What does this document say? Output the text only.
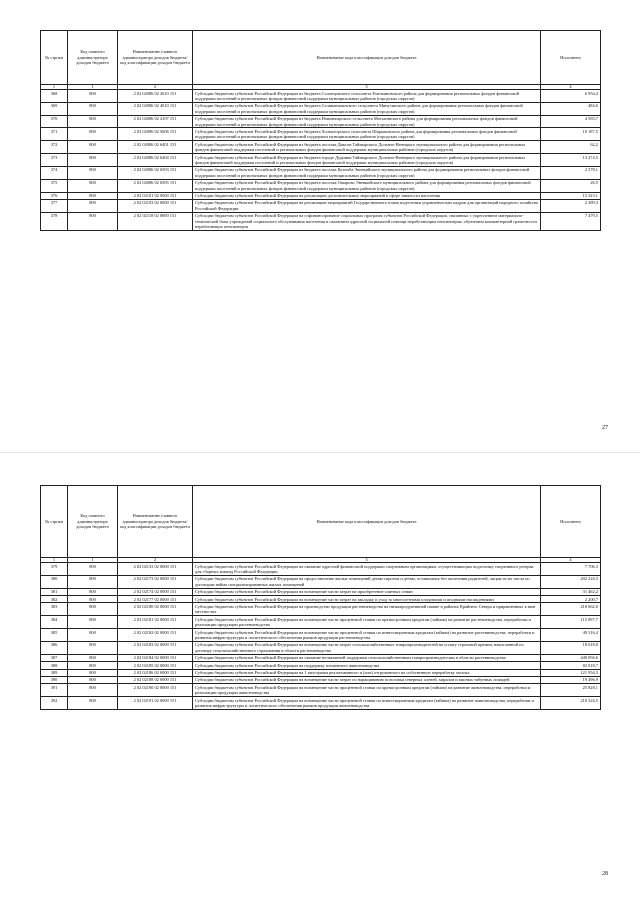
№ строки	Код главного администратора доходов бюджета	Наименование главного администратора доходов бюджета/ код классификации доходов бюджета	Наименование кода классификации доходов бюджета	Исполнено
1	1	2	3	4
368	800	2 02 02086 02 2610 151	Субсидии бюджетам субъектов Российской Федерации из бюджета Солонцовского сельсовета Емельяновского района для формирования региональных фондов финансовой поддержки поселений и региональных фондов финансовой поддержки муниципальных районов (городских округов)	6 954,4
369	800	2 02 02086 02 4010 151	Субсидии бюджетам субъектов Российской Федерации из бюджета Селиванихинского сельсовета Минусинского района для формирования региональных фондов финансовой поддержки поселений и региональных фондов финансовой поддержки муниципальных районов (городских округов)	484,6
370	800	2 02 02086 02 4107 151	Субсидии бюджетам субъектов Российской Федерации из бюджета Новоангарского сельсовета Мотыгинского района для формирования региональных фондов финансовой поддержки поселений и региональных фондов финансовой поддержки муниципальных районов (городских округов)	4 583,7
371	800	2 02 02086 02 5606 151	Субсидии бюджетам субъектов Российской Федерации из бюджета Холмогорского сельсовета Шарыповского района для формирования региональных фондов финансовой поддержки поселений и региональных фондов финансовой поддержки муниципальных районов (городских округов)	10 187,5
372	800	2 02 02086 02 6401 151	Субсидии бюджетам субъектов Российской Федерации из бюджета поселка Диксон Таймырского Долгано-Ненецкого муниципального района для формирования региональных фондов финансовой поддержки поселений и региональных фондов финансовой поддержки муниципальных районов (городских округов)	62,2
373	800	2 02 02086 02 6404 151	Субсидии бюджетам субъектов Российской Федерации из бюджета городе Дудинки Таймырского Долгано-Ненецкого муниципального района для формирования региональных фондов финансовой поддержки поселений и региональных фондов финансовой поддержки муниципальных районов (городских округов)	13 274,5
374	800	2 02 02086 02 6503 151	Субсидии бюджетам субъектов Российской Федерации из бюджета поселка Кузомба Эвенкийского муниципального района для формирования региональных фондов финансовой поддержки поселений и региональных фондов финансовой поддержки муниципальных районов (городских округов)	2 578,1
375	800	2 02 02086 02 6505 151	Субсидии бюджетам субъектов Российской Федерации из бюджета поселка Ошарово Эвенкийского муниципального района для формирования региональных фондов финансовой поддержки поселений и региональных фондов финансовой поддержки муниципальных районов (городских округов)	26,5
376	800	2 02 02101 02 0000 151	Субсидии бюджетам субъектов Российской Федерации на реализацию дополнительных мероприятий в сфере занятости населения	15 323,1
377	800	2 02 02103 02 0000 151	Субсидии бюджетам субъектов Российской Федерации на реализацию мероприятий Государственного плана подготовки управленческих кадров для организаций народного хозяйства Российской Федерации	2 389,3
378	800	2 02 02118 02 0000 151	Субсидии бюджетам субъектов Российской Федерации на софинансирование социальных программ субъектов Российской Федерации, связанных с укреплением материально-технической базы учреждений социального обслуживания населения и оказанием адресной социальной помощи неработающим пенсионерам, обучением компьютерной грамотности неработающих пенсионеров	7 479,5
27
№ строки	Код главного администратора доходов бюджета	Наименование главного администратора доходов бюджета/ код классификации доходов бюджета	Наименование кода классификации доходов бюджета	Исполнено
1	1	2	3	4
379	800	2 02 02133 02 0000 151	Субсидии бюджетам субъектов Российской Федерации на оказание адресной финансовой поддержки спортивным организациям, осуществляющим подготовку спортивного резерва для сборных команд Российской Федерации	7 706,3
380	800	2 02 02173 02 0000 151	Субсидии бюджетам субъектов Российской Федерации на предоставление жилых помещений детям-сиротам и детям, оставшимся без попечения родителей, лицам из их числа по договорам найма специализированных жилых помещений	202 224,3
381	800	2 02 02174 02 0000 151	Субсидии бюджетам субъектов Российской Федерации на возмещение части затрат на приобретение элитных семян	31 462,2
382	800	2 02 02177 02 0000 151	Субсидии бюджетам субъектов Российской Федерации на возмещение части затрат на закладку и уход за многолетними плодовыми и ягодными насаждениями	2 200,7
383	800	2 02 02180 02 0000 151	Субсидии бюджетам субъектов Российской Федерации на производство продукции растениеводства на низкопродуктивной пашне в районах Крайнего Севера и приравненных к ним местностях	218 662,0
384	800	2 02 02181 02 0000 151	Субсидии бюджетам субъектов Российской Федерации на возмещение части процентной ставки по краткосрочным кредитам (займам) на развитие растениеводства, переработки и реализации продукции растениеводства	115 897,7
385	800	2 02 02182 02 0000 151	Субсидии бюджетам субъектов Российской Федерации на возмещение части процентной ставки по инвестиционным кредитам (займам) на развитие растениеводства, переработки и развития инфраструктуры и логистического обеспечения рынков продукции растениеводства	49 316,4
386	800	2 02 02183 02 0000 151	Субсидии бюджетам субъектов Российской Федерации на возмещение части затрат сельскохозяйственных товаропроизводителей на уплату страховой премии, начисленной по договору сельскохозяйственного страхования в области растениеводства	18 618,0
387	800	2 02 02184 02 0000 151	Субсидии бюджетам субъектов Российской Федерации на оказание несвязанной поддержки сельскохозяйственным товаропроизводителям в области растениеводства	449 094,6
388	800	2 02 02185 02 0000 151	Субсидии бюджетам субъектов Российской Федерации на поддержку племенного животноводства	82 018,7
389	800	2 02 02186 02 0000 151	Субсидии бюджетам субъектов Российской Федерации на 1 килограмм реализованного и (или) отгруженного на собственную переработку молока	121 954,3
390	800	2 02 02188 02 0000 151	Субсидии бюджетам субъектов Российской Федерации на возмещение части затрат по наращиванию поголовья северных оленей, маралов и мясных табунных лошадей	19 496,9
391	800	2 02 02190 02 0000 151	Субсидии бюджетам субъектов Российской Федерации на возмещение части процентной ставки по краткосрочным кредитам (займам) на развитие животноводства, переработки и реализации продукции животноводства	25 828,1
392	800	2 02 02191 02 0000 151	Субсидии бюджетам субъектов Российской Федерации на возмещение части процентной ставки по инвестиционным кредитам (займам) на развитие животноводства, переработки и развития инфраструктуры и логистического обеспечения рынков продукции животноводства	210 324,5
28
